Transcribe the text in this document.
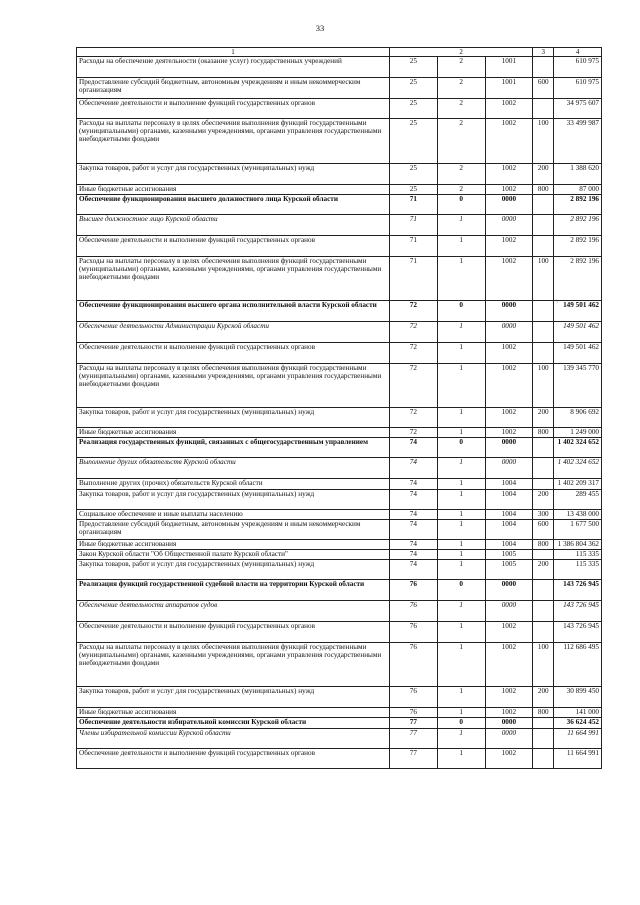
33
1	2			3	4
Расходы на обеспечение деятельности (оказание услуг) государственных учреждений	25	2	1001		610 975
Предоставление субсидий бюджетным, автономным учреждениям и иным некоммерческим организациям	25	2	1001	600	610 975
Обеспечение деятельности и выполнение функций государственных органов	25	2	1002		34 975 607
Расходы на выплаты персоналу в целях обеспечения выполнения функций государственными (муниципальными) органами, казенными учреждениями, органами управления государственными внебюджетными фондами	25	2	1002	100	33 499 987
Закупка товаров, работ и услуг для государственных (муниципальных) нужд	25	2	1002	200	1 388 620
Иные бюджетные ассигнования	25	2	1002	800	87 000
Обеспечение функционирования высшего должностного лица Курской области	71	0	0000		2 892 196
Высшее должностное лицо Курской области	71	1	0000		2 892 196
Обеспечение деятельности и выполнение функций государственных органов	71	1	1002		2 892 196
Расходы на выплаты персоналу в целях обеспечения выполнения функций государственными (муниципальными) органами, казенными учреждениями, органами управления государственными внебюджетными фондами	71	1	1002	100	2 892 196
Обеспечение функционирования высшего органа исполнительной власти Курской области	72	0	0000		149 501 462
Обеспечение деятельности Администрации Курской области	72	1	0000		149 501 462
Обеспечение деятельности и выполнение функций государственных органов	72	1	1002		149 501 462
Расходы на выплаты персоналу в целях обеспечения выполнения функций государственными (муниципальными) органами, казенными учреждениями, органами управления государственными внебюджетными фондами	72	1	1002	100	139 345 770
Закупка товаров, работ и услуг для государственных (муниципальных) нужд	72	1	1002	200	8 906 692
Иные бюджетные ассигнования	72	1	1002	800	1 249 000
Реализация государственных функций, связанных с общегосударственным управлением	74	0	0000		1 402 324 652
Выполнение других обязательств Курской области	74	1	0000		1 402 324 652
Выполнение других (прочих) обязательств Курской области	74	1	1004		1 402 209 317
Закупка товаров, работ и услуг для государственных (муниципальных) нужд	74	1	1004	200	289 455
Социальное обеспечение и иные выплаты населению	74	1	1004	300	13 438 000
Предоставление субсидий бюджетным, автономным учреждениям и иным некоммерческим организациям	74	1	1004	600	1 677 500
Иные бюджетные ассигнования	74	1	1004	800	1 386 804 362
Закон Курской области "Об Общественной палате Курской области"	74	1	1005		115 335
Закупка товаров, работ и услуг для государственных (муниципальных) нужд	74	1	1005	200	115 335
Реализация функций государственной судебной власти на территории Курской области	76	0	0000		143 726 945
Обеспечение деятельности аппаратов судов	76	1	0000		143 726 945
Обеспечение деятельности и выполнение функций государственных органов	76	1	1002		143 726 945
Расходы на выплаты персоналу в целях обеспечения выполнения функций государственными (муниципальными) органами, казенными учреждениями, органами управления государственными внебюджетными фондами	76	1	1002	100	112 686 495
Закупка товаров, работ и услуг для государственных (муниципальных) нужд	76	1	1002	200	30 899 450
Иные бюджетные ассигнования	76	1	1002	800	141 000
Обеспечение деятельности избирательной комиссии Курской области	77	0	0000		36 624 452
Члены избирательной комиссии Курской области	77	1	0000		11 664 991
Обеспечение деятельности и выполнение функций государственных органов	77	1	1002		11 664 991
\
